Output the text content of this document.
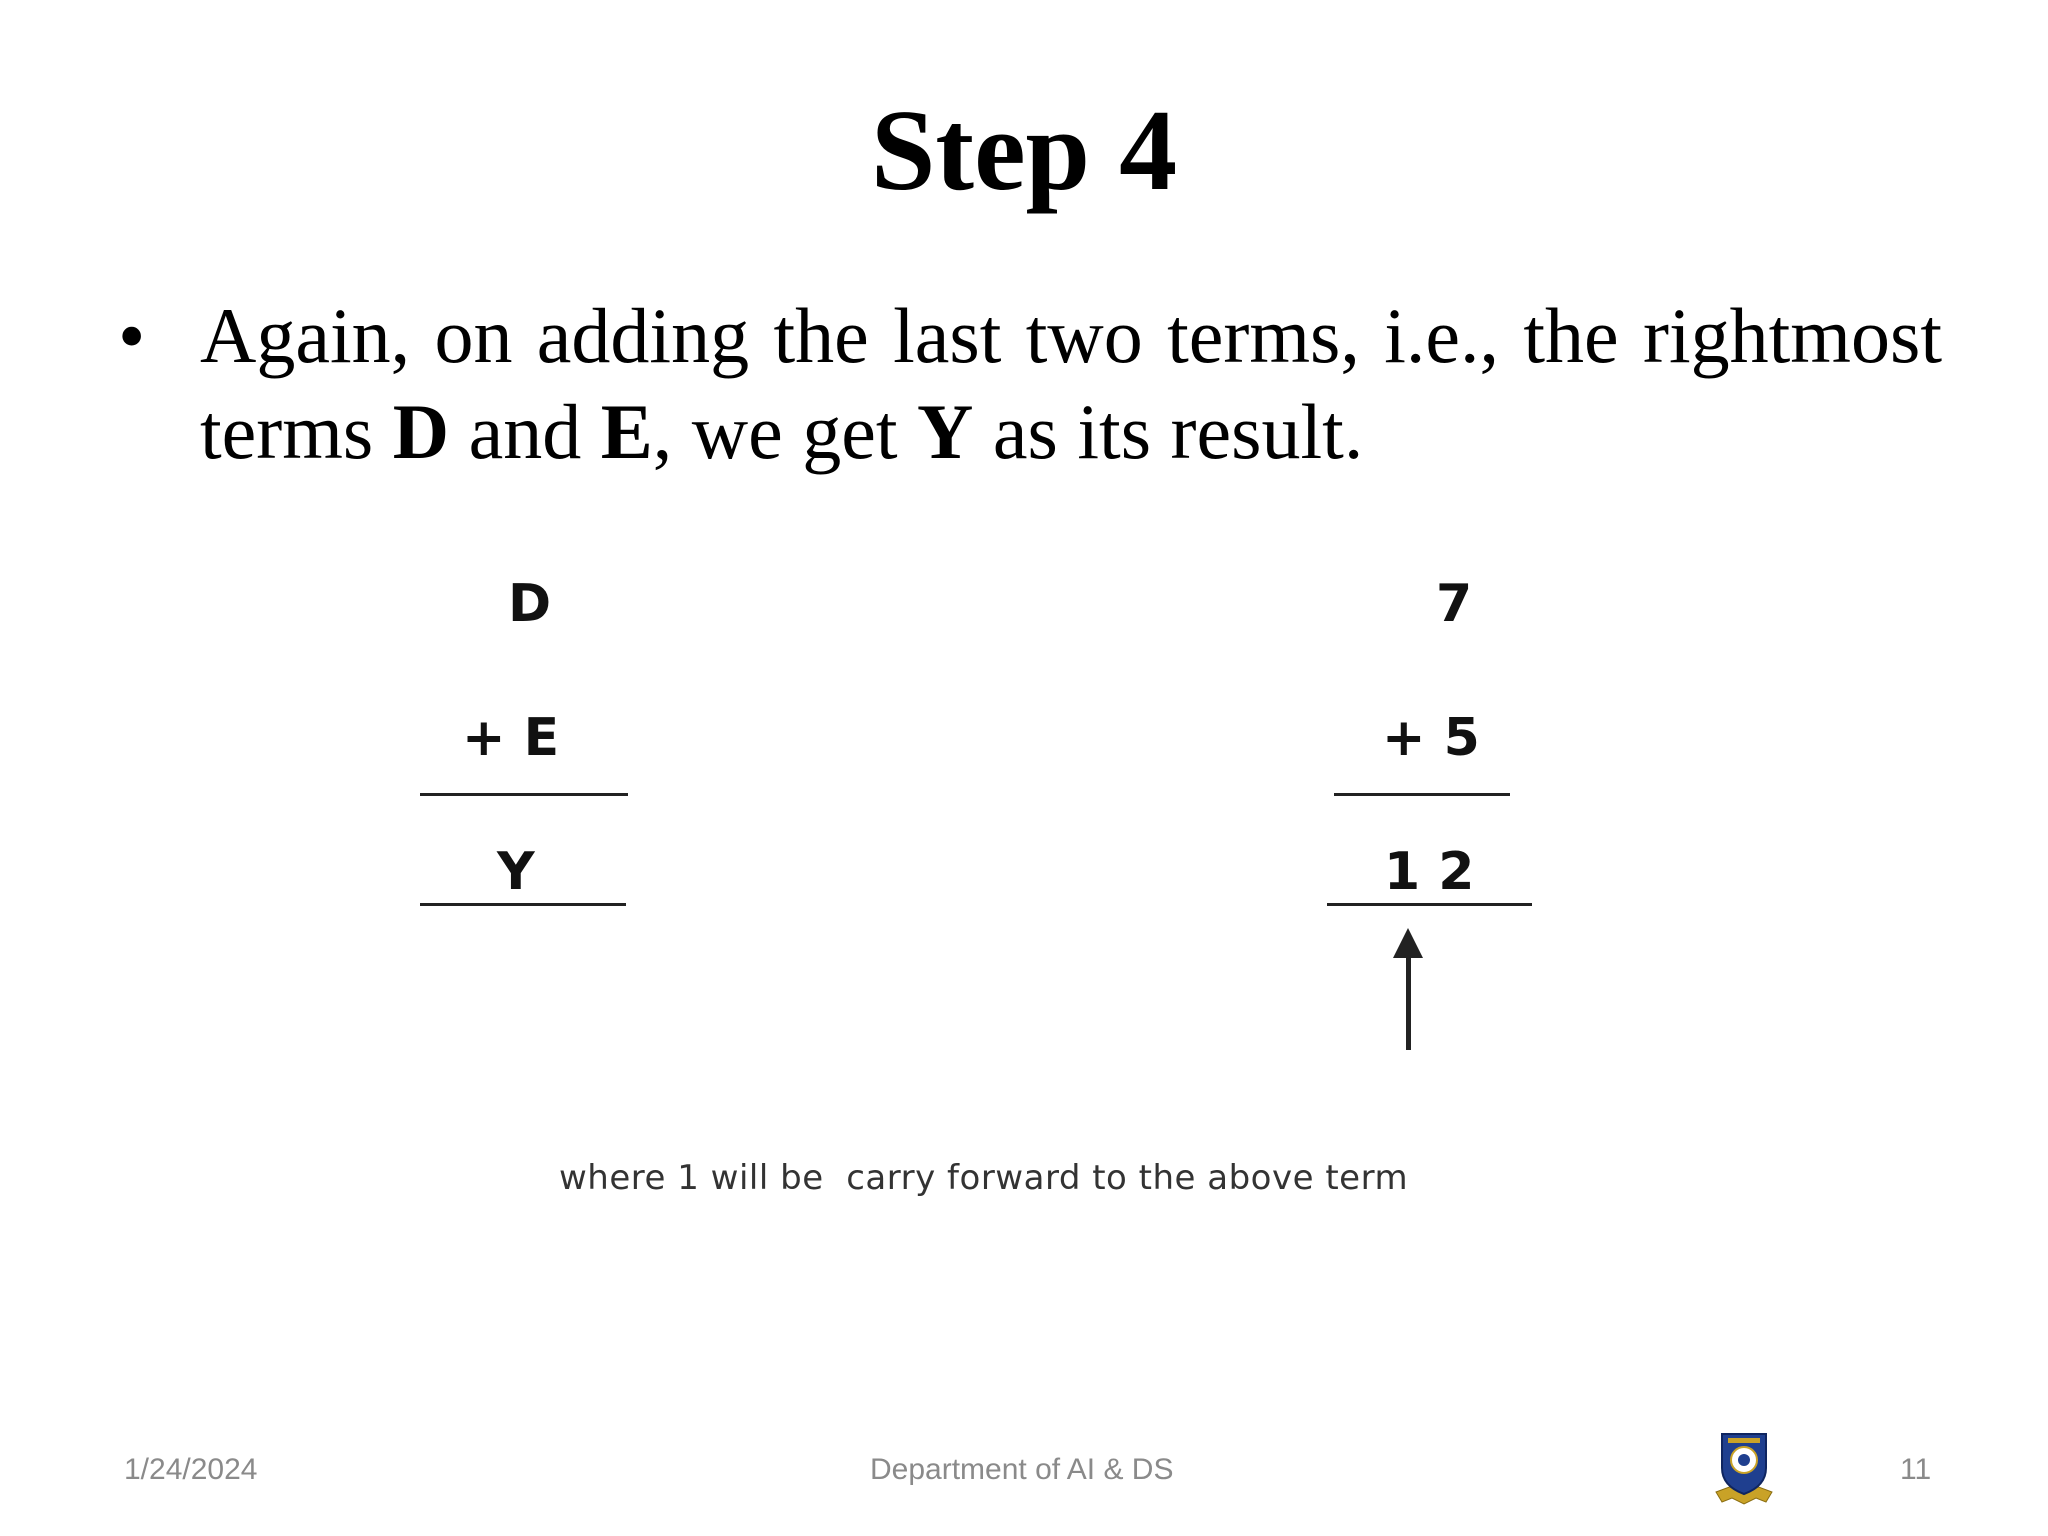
Step 4
• Again, on adding the last two terms, i.e., the rightmost terms D and E, we get Y as its result.
D
+ E
Y
7
+ 5
1 2
where 1 will be  carry forward to the above term
1/24/2024	Department of AI & DS	11
